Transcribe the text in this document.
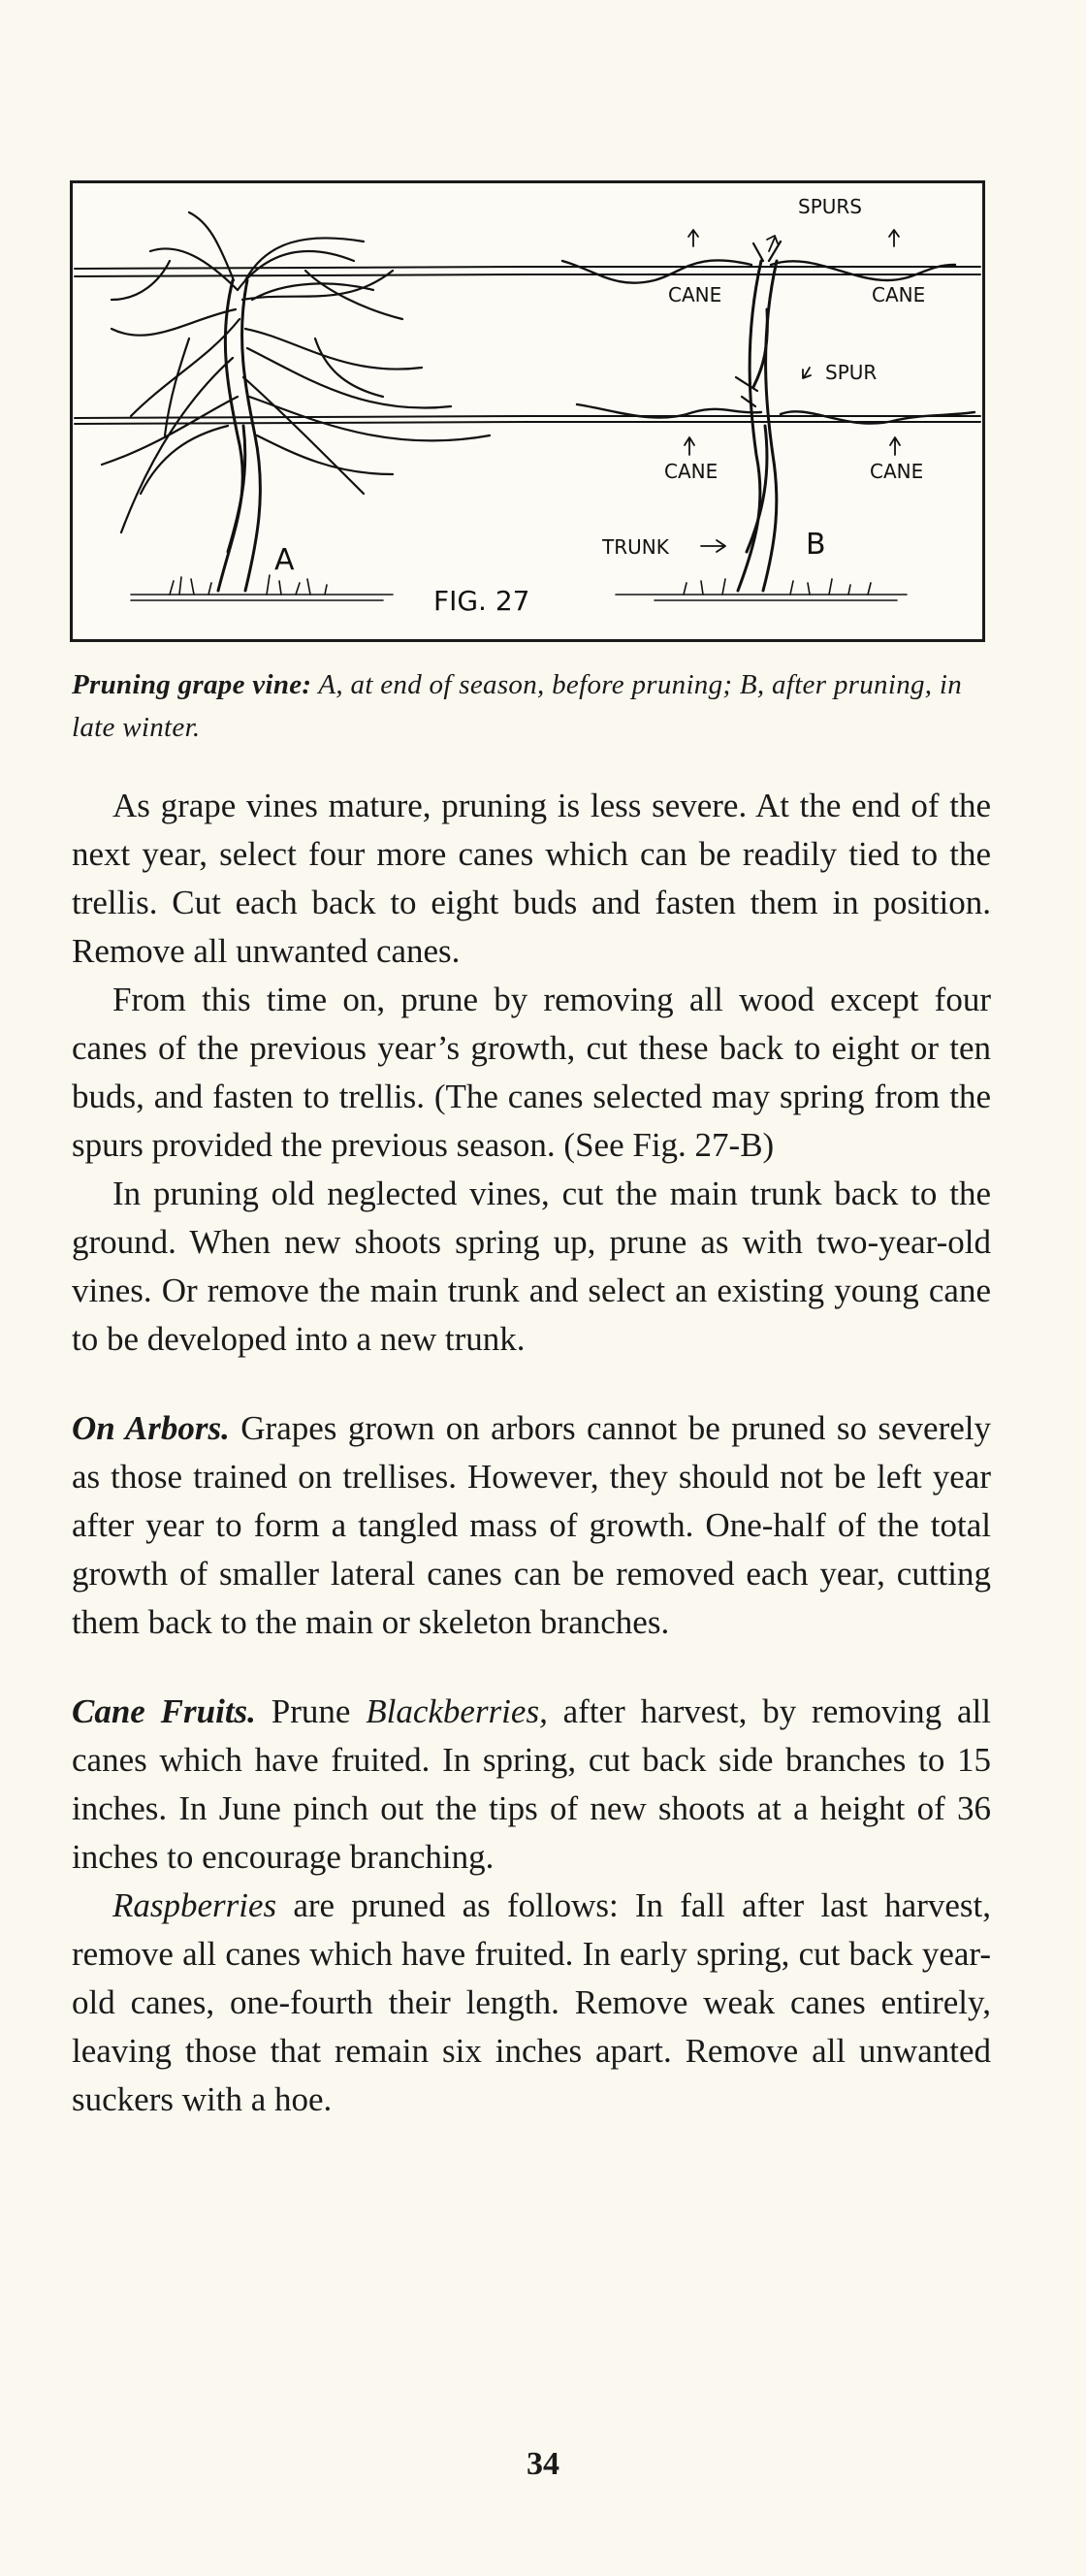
SPURS
CANE	CANE
SPUR
CANE	CANE
TRUNK
A	B
FIG. 27
Pruning grape vine: A, at end of season, before pruning; B, after pruning, in late winter.

As grape vines mature, pruning is less severe. At the end of the next year, select four more canes which can be readily tied to the trellis. Cut each back to eight buds and fasten them in position. Remove all unwanted canes.

From this time on, prune by removing all wood except four canes of the previous year’s growth, cut these back to eight or ten buds, and fasten to trellis. (The canes selected may spring from the spurs provided the previous season. (See Fig. 27-B)

In pruning old neglected vines, cut the main trunk back to the ground. When new shoots spring up, prune as with two-year-old vines. Or remove the main trunk and select an existing young cane to be developed into a new trunk.

On Arbors. Grapes grown on arbors cannot be pruned so severely as those trained on trellises. However, they should not be left year after year to form a tangled mass of growth. One-half of the total growth of smaller lateral canes can be removed each year, cutting them back to the main or skeleton branches.

Cane Fruits. Prune Blackberries, after harvest, by removing all canes which have fruited. In spring, cut back side branches to 15 inches. In June pinch out the tips of new shoots at a height of 36 inches to encourage branching.

Raspberries are pruned as follows: In fall after last harvest, remove all canes which have fruited. In early spring, cut back year-old canes, one-fourth their length. Remove weak canes entirely, leaving those that remain six inches apart. Remove all unwanted suckers with a hoe.

34
